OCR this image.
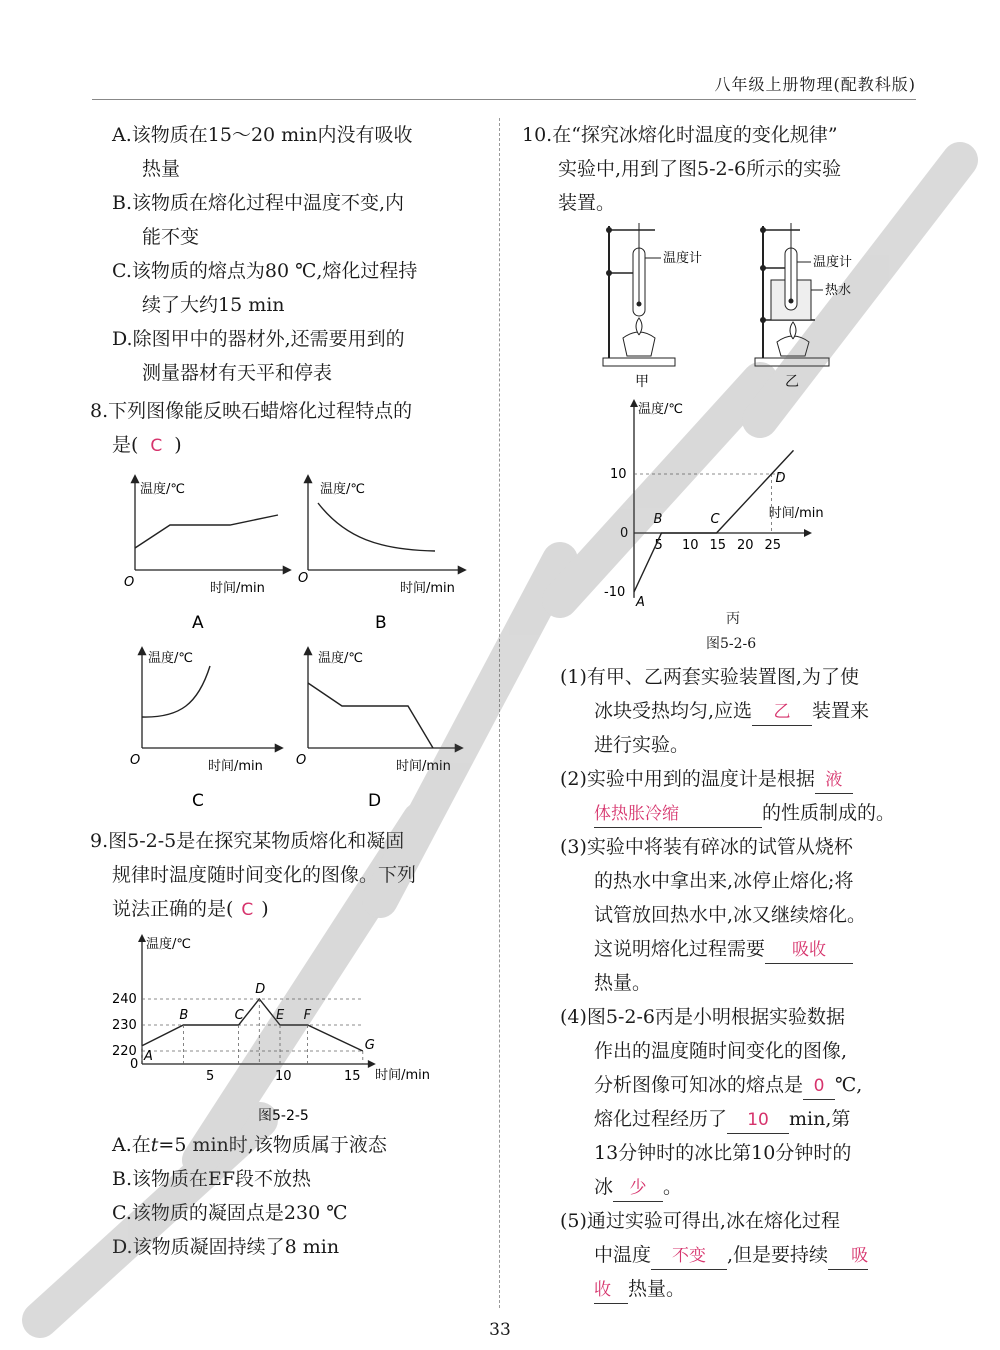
八年级上册物理(配教科版)
A.该物质在15～20 min内没有吸收
热量
B.该物质在熔化过程中温度不变,内
能不变
C.该物质的熔点为80 ℃,熔化过程持
续了大约15 min
D.除图甲中的器材外,还需要用到的
测量器材有天平和停表
8.下列图像能反映石蜡熔化过程特点的
是( C )
温度/℃
时间/min
O
A
温度/℃
时间/min
O
B
温度/℃
时间/min
O
C
温度/℃
时间/min
O
D
9.图5-2-5是在探究某物质熔化和凝固
规律时温度随时间变化的图像。下列
说法正确的是( C )
温度/℃
时间/min
0
220
230
240
5	10	15
A
B	C
D
E F
G
图5-2-5
A.在t=5 min时,该物质属于液态
B.该物质在EF段不放热
C.该物质的凝固点是230 ℃
D.该物质凝固持续了8 min
10.在“探究冰熔化时温度的变化规律”
实验中,用到了图5-2-6所示的实验
装置。
温度计
甲
温度计
热水
乙
温度/℃
时间/min
0
-10
10
5 10 15 20 25
A
B	C
D
丙
图5-2-6
(1)有甲、乙两套实验装置图,为了使
冰块受热均匀,应选 乙 装置来
进行实验。
(2)实验中用到的温度计是根据 液
体热胀冷缩	的性质制成的。
(3)实验中将装有碎冰的试管从烧杯
的热水中拿出来,冰停止熔化;将
试管放回热水中,冰又继续熔化。
这说明熔化过程需要 吸收
热量。
(4)图5-2-6丙是小明根据实验数据
作出的温度随时间变化的图像,
分析图像可知冰的熔点是 0 ℃,
熔化过程经历了 10 min,第
13分钟时的冰比第10分钟时的
冰 少 。
(5)通过实验可得出,冰在熔化过程
中温度 不变 ,但是要持续 吸
收 热量。
33
